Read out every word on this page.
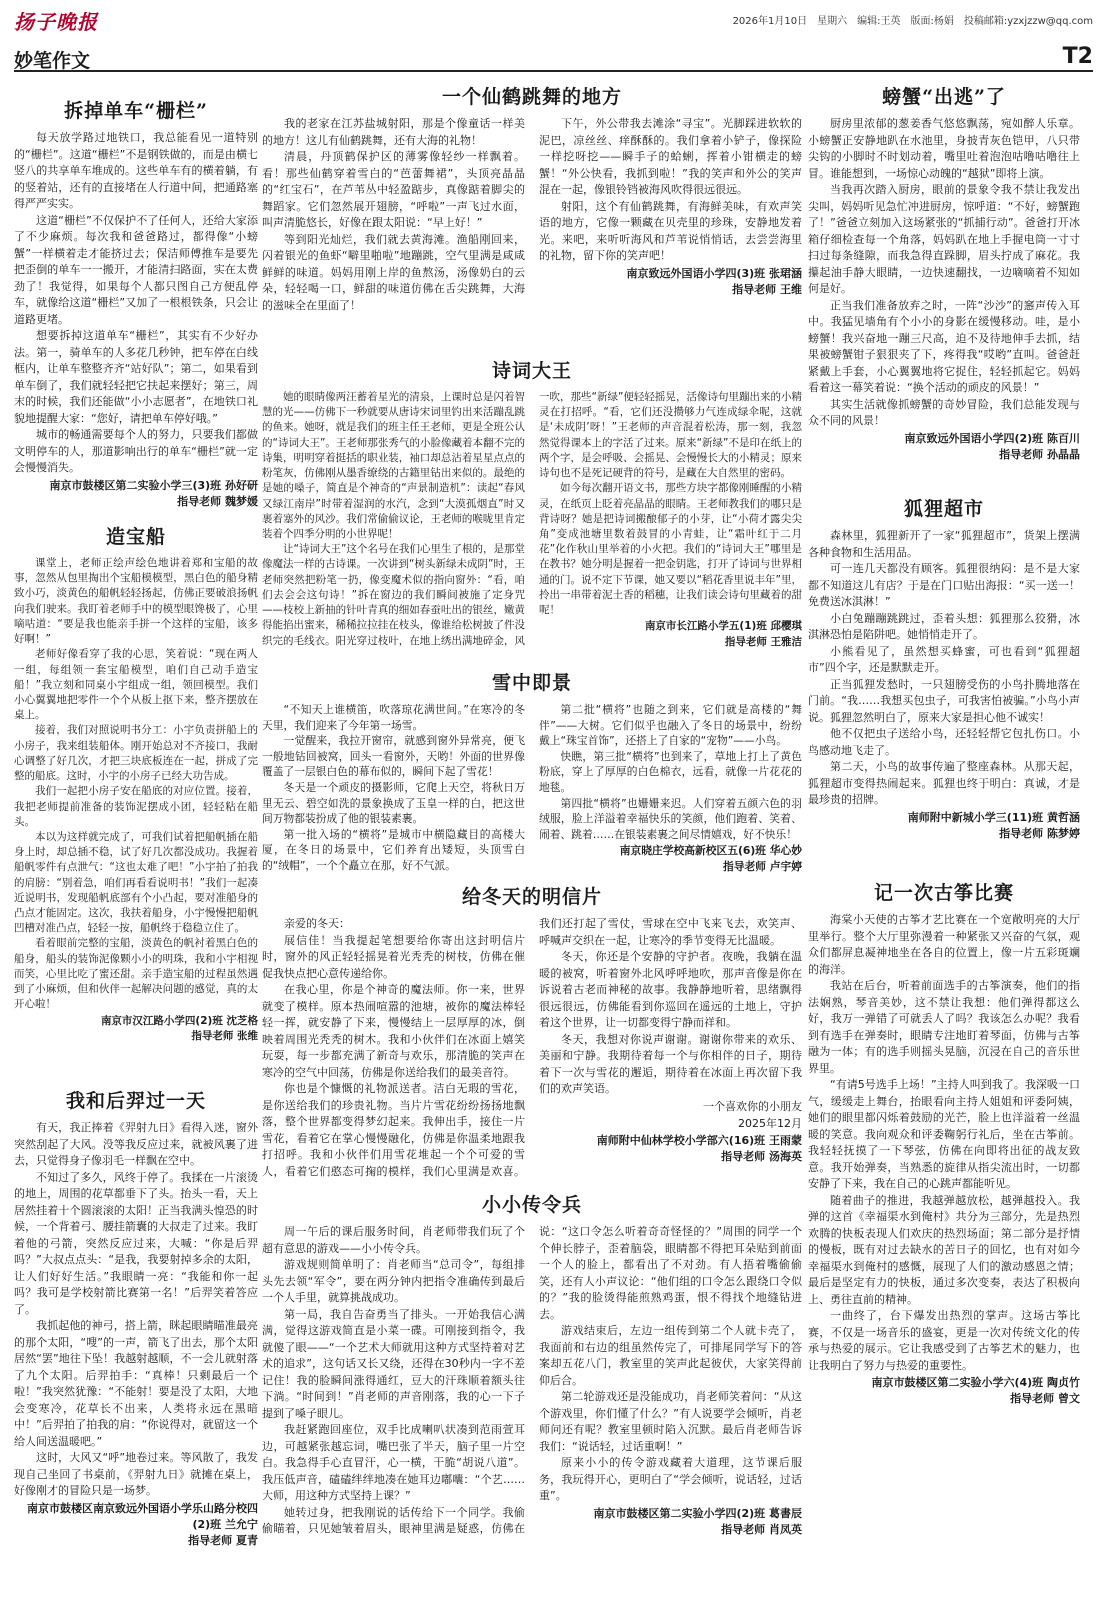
扬子晚报	2026年1月10日 星期六 编辑:王英 版面:杨娟 投稿邮箱:yzxjzzw@qq.com
妙笔作文	T2
拆掉单车“栅栏”

每天放学路过地铁口，我总能看见一道特别的“栅栏”。这道“栅栏”不是钢铁做的，而是由横七竖八的共享单车堆成的。这些单车有的横着躺，有的竖着站，还有的直接堵在人行道中间，把通路塞得严严实实。

这道“栅栏”不仅保护不了任何人，还给大家添了不少麻烦。每次我和爸爸路过，都得像“小螃蟹”一样横着走才能挤过去；保洁师傅推车是要先把歪倒的单车一一搬开，才能清扫路面，实在太费劲了！我觉得，如果每个人都只图自己方便乱停车，就像给这道“栅栏”又加了一根根铁条，只会让道路更堵。

想要拆掉这道单车“栅栏”，其实有不少好办法。第一，骑单车的人多花几秒钟，把车停在白线框内，让单车整整齐齐“站好队”；第二，如果看到单车倒了，我们就轻轻把它扶起来摆好；第三，周末的时候，我们还能做“小小志愿者”，在地铁口礼貌地提醒大家：“您好，请把单车停好哦。”

城市的畅通需要每个人的努力，只要我们都做文明停车的人，那道影响出行的单车“栅栏”就一定会慢慢消失。

南京市鼓楼区第二实验小学三(3)班 孙好研
指导老师 魏梦媛
造宝船

课堂上，老师正绘声绘色地讲着郑和宝船的故事，忽然从包里掏出个宝船模模型，黑白色的船身精致小巧，淡黄色的船帆轻轻扬起，仿佛正要破浪扬帆向我们驶来。我盯着老师手中的模型眼馋极了，心里嘀咕道：“要是我也能亲手拼一个这样的宝船，该多好啊！”

老师好像看穿了我的心思，笑着说：“现在两人一组，每组领一套宝船模型，咱们自己动手造宝船！”我立刻和同桌小宇组成一组，领回模型。我们小心翼翼地把零件一个个从板上抠下来，整齐摆放在桌上。

接着，我们对照说明书分工：小宇负责拼船上的小房子，我来组装船体。刚开始总对不齐接口，我耐心调整了好几次，才把三块底板连在一起，拼成了完整的船底。这时，小宇的小房子已经大功告成。

我们一起把小房子安在船底的对应位置。接着，我把老师提前准备的装饰泥摆成小团，轻轻粘在船头。

本以为这样就完成了，可我们试着把船帆插在船身上时，却总插不稳，试了好几次都没成功。我握着船帆零件有点泄气：“这也太难了吧！”小宇拍了拍我的肩膀：“别着急，咱们再看看说明书！”我们一起凑近说明书，发现船帆底部有个小凸起，要对准船身的凸点才能固定。这次，我扶着船身，小宇慢慢把船帆凹槽对准凸点，轻轻一按，船帆终于稳稳立住了。

看着眼前完整的宝船，淡黄色的帆衬着黑白色的船身，船头的装饰泥像颗小小的明珠，我和小宇相视而笑，心里比吃了蜜还甜。亲手造宝船的过程虽然遇到了小麻烦，但和伙伴一起解决问题的感觉，真的太开心啦！

南京市汉江路小学四(2)班 沈芝格
指导老师 张维
我和后羿过一天

有天，我正捧着《羿射九日》看得入迷，窗外突然刮起了大风。没等我反应过来，就被风裹了进去，只觉得身子像羽毛一样飘在空中。

不知过了多久，风终于停了。我揉在一片滚烫的地上，周围的花草都垂下了头。抬头一看，天上居然挂着十个圆滚滚的太阳！正当我满头惶恐的时候，一个背着弓、腰挂箭囊的大叔走了过来。我盯着他的弓箭，突然反应过来，大喊：“你是后羿吗？”大叔点点头：“是我，我要射掉多余的太阳，让人们好好生活。”我眼睛一亮：“我能和你一起吗？我可是学校射箭比赛第一名！”后羿笑着答应了。

我抓起他的神弓，搭上箭，眯起眼睛瞄准最亮的那个太阳，“嗖”的一声，箭飞了出去，那个太阳居然“罢”地往下坠！我越射越顺，不一会儿就射落了九个太阳。后羿拍手：“真棒！只剩最后一个啦！”我突然犹豫：“不能射！要是没了太阳，大地会变寒冷，花草长不出来，人类将永远在黑暗中！”后羿拍了拍我的肩：“你说得对，就留这一个给人间送温暖吧。”

这时，大风又“呼”地卷过来。等风散了，我发现自己坐回了书桌前，《羿射九日》就摊在桌上，好像刚才的冒险只是一场梦。

南京市鼓楼区南京致远外国语小学乐山路分校四(2)班 兰允宁
指导老师 夏青
一个仙鹤跳舞的地方

我的老家在江苏盐城射阳，那是个像童话一样美的地方！这儿有仙鹤跳舞，还有大海的礼物！

清晨，丹顶鹤保护区的薄雾像轻纱一样飘着。看！那些仙鹤穿着雪白的“芭蕾舞裙”，头顶亮晶晶的“红宝石”，在芦苇丛中轻盈踮步，真像踮着脚尖的舞蹈家。它们忽然展开翅膀，“呼啦”一声飞过水面，叫声清脆悠长，好像在跟太阳说：“早上好！”

等到阳光灿烂，我们就去黄海滩。渔船刚回来，闪着银光的鱼虾“噼里啪啦”地蹦跳，空气里满是咸咸鲜鲜的味道。妈妈用刚上岸的鱼熬汤，汤像奶白的云朵，轻轻喝一口，鲜甜的味道仿佛在舌尖跳舞，大海的滋味全在里面了！

下午，外公带我去滩涂“寻宝”。光脚踩进软软的泥巴，凉丝丝、痒酥酥的。我们拿着小铲子，像探险一样挖呀挖——瞬手子的蛤蜊，挥着小钳横走的螃蟹！“外公快看，我抓到啦！”我的笑声和外公的笑声混在一起，像银铃铛被海风吹得很远很远。

射阳，这个有仙鹤跳舞，有海鲜美味，有欢声笑语的地方，它像一颗藏在贝壳里的珍珠，安静地发着光。来吧，来听听海风和芦苇说悄悄话，去尝尝海里的礼物，留下你的笑声吧！

南京致远外国语小学四(3)班 张珺涵
指导老师 王维
诗词大王

她的眼睛像两汪蓄着星光的清泉，上课时总是闪着智慧的光——仿佛下一秒就要从唐诗宋词里钓出来活蹦乱跳的鱼来。她呀，就是我们的班主任王老师，更是全班公认的“诗词大王”。王老师那张秀气的小脸像藏着本翻不完的诗集，明明穿着挺括的职业装，袖口却总沾着星星点点的粉笔灰，仿佛刚从墨香缭绕的古籍里钻出来似的。最绝的是她的嗓子，简直是个神奇的“声景制造机”：读起“春风又绿江南岸”时带着湿润的水汽，念到“大漠孤烟直”时又裹着塞外的风沙。我们常偷偷议论，王老师的喉咙里肯定装着个四季分明的小世界呢！

让“诗词大王”这个名号在我们心里生了根的，是那堂像魔法一样的古诗课。一次讲到“树头新绿未成阴”时，王老师突然把粉笔一扔，像变魔术似的指向窗外：“看，咱们去会会这句诗！”拆在窗边的我们瞬间被施了定身咒——枝校上新抽的针叶青真的细如春蚕吐出的银丝，嫩黄得能掐出蜜来，稀稀拉拉挂在枝头，像谁给松树披了件没织完的毛线衣。阳光穿过枝叶，在地上绣出满地碎金，风一吹，那些“新绿”便轻轻摇晃，活像诗句里蹦出来的小精灵在打招呼。“看，它们还没攒够力气连成绿伞呢，这就是‘未成阴’呀！”王老师的声音混着松涛，那一刻，我忽然觉得课本上的字活了过来。原来“新绿”不是印在纸上的两个字，是会呼吸、会摇晃、会慢慢长大的小精灵；原来诗句也不是死记硬背的符号，是藏在大自然里的密码。

如今每次翻开语文书，那些方块字都像刚睡醒的小精灵，在纸页上眨着亮晶晶的眼睛。王老师教我们的哪只是背诗呀？她是把诗词搬酿郁子的小芽，让“小荷才露尖尖角”变成池塘里数着鼓冒的小青蛙，让“霜叶红于二月花”化作秋山里举着的小火把。我们的“诗词大王”哪里是在教书？她分明是握着一把金钥匙，打开了诗词与世界相通的门。说不定下节课，她又要以“稻花香里说丰年”里，拎出一串带着泥土香的稻穗，让我们读会诗句里藏着的甜呢！

南京市长江路小学五(1)班 邱樱琪
指导老师 王雅洁
雪中即景

“不知天上谁横笛，吹落琼花满世间。”在寒冷的冬天里，我们迎来了今年第一场雪。

一觉醒来，我拉开窗帘，就感到窗外异常亮，便飞一般地钻回被窝，回头一看窗外，天哟！外面的世界像覆盖了一层银白色的幕布似的，瞬间下起了雪花！

冬天是一个顽皮的摄影师，它爬上天空，将秋日万里无云、碧空如洗的景象换成了玉皇一样的白，把这世间万物都装扮成了他的银装素裹。

第一批入场的“横将”是城市中横隐藏目的高楼大厦，在冬日的场景中，它们养育出矮短，头顶雪白的“绒帽”，一个个矗立在那，好不气派。

第二批“横将”也随之到来，它们就是高楼的“舞伴”——大树。它们似乎也融入了冬日的场景中，纷纷戴上“珠宝首饰”，还搭上了自家的“宠物”——小鸟。

快瞧，第三批“横将”也到来了，草地上打上了黄色粉底，穿上了厚厚的白色棉衣，远看，就像一片花花的地毯。

第四批“横将”也姗姗来迟。人们穿着五颜六色的羽绒服，脸上洋溢着幸福快乐的笑颜，他们跑着、笑着、闹着、跳着……在银装素裹之间尽情嬉戏，好不快乐！

南京晓庄学校高新校区五(6)班 华心妙
指导老师 卢宇婷
给冬天的明信片

亲爱的冬天：

展信佳！当我提起笔想要给你寄出这封明信片时，窗外的风正轻轻摇晃着光秃秃的树枝，仿佛在催促我快点把心意传递给你。

在我心里，你是个神奇的魔法师。你一来，世界就变了模样。原本热闹喧嚣的池塘，被你的魔法棒轻轻一挥，就安静了下来，慢慢结上一层厚厚的冰，倒映着周围光秃秃的树木。我和小伙伴们在冰面上嬉笑玩耍，每一步都充满了新奇与欢乐，那清脆的笑声在寒冷的空气中回荡，仿佛是你送给我们的最美音符。

你也是个慷慨的礼物派送者。洁白无瑕的雪花，是你送给我们的珍贵礼物。当片片雪花纷纷扬扬地飘落，整个世界都变得梦幻起来。我伸出手，接住一片雪花，看着它在掌心慢慢融化，仿佛是你温柔地跟我打招呼。我和小伙伴们用雪花堆起一个个可爱的雪人，看着它们憨态可掬的模样，我们心里满是欢喜。我们还打起了雪仗，雪球在空中飞来飞去，欢笑声、呼喊声交织在一起，让寒冷的季节变得无比温暖。

冬天，你还是个安静的守护者。夜晚，我躺在温暖的被窝，听着窗外北风呼呼地吹，那声音像是你在诉说着古老而神秘的故事。我静静地听着，思绪飘得很远很远，仿佛能看到你巡回在遥远的土地上，守护着这个世界，让一切都变得宁静而祥和。

冬天，我想对你说声谢谢。谢谢你带来的欢乐、美丽和宁静。我期待着每一个与你相伴的日子，期待着下一次与雪花的邂逅，期待着在冰面上再次留下我们的欢声笑语。

一个喜欢你的小朋友
2025年12月
南师附中仙林学校小学部六(16)班 王雨蒙
指导老师 汤海英
小小传令兵

周一午后的课后服务时间，肖老师带我们玩了个超有意思的游戏——小小传令兵。

游戏规则简单明了：肖老师当“总司令”，每组排头先去领“军令”，要在两分钟内把指令准确传到最后一个人手里，就算挑战成功。

第一局，我自告奋勇当了排头。一开始我信心满满，觉得这游戏简直是小菜一碟。可刚接到指令，我就傻了眼——“一个艺术大师就用这种方式坚持着对艺术的追求”，这句话又长又绕，还得在30秒内一字不差记住！我的脸瞬间涨得通红，豆大的汗珠顺着额头往下淌。“时间到！”肖老师的声音刚落，我的心一下子提到了嗓子眼儿。

我赶紧跑回座位，双手比成喇叭状凑到范雨萱耳边，可越紧张越忘词，嘴巴张了半天，脑子里一片空白。我急得手心直冒汗，心一横，干脆“胡说八道”。我压低声音，磕磕绊绊地凑在她耳边嘟囔：“个艺……大师，用这种方式坚持上课？”

她转过身，把我刚说的话传给下一个同学。我偷偷瞄着，只见她皱着眉头，眼神里满是疑惑，仿佛在说：“这口令怎么听着奇奇怪怪的？”周围的同学一个个伸长脖子，歪着脑袋，眼睛都不得把耳朵贴到前面一个人的脸上，都看出了不对劲。有人捂着嘴偷偷笑，还有人小声议论：“他们组的口令怎么跟绕口令似的？”我的脸烫得能煎熟鸡蛋，恨不得找个地缝钻进去。

游戏结束后，左边一组传到第二个人就卡壳了，我面前和右边的组虽然传完了，可排尾同学写下的答案却五花八门，教室里的笑声此起彼伏，大家笑得前仰后合。

第二轮游戏还是没能成功，肖老师笑着问：“从这个游戏里，你们懂了什么？”有人说要学会倾听，肖老师问还有呢？教室里顿时陷入沉默。最后肖老师告诉我们：“说话轻，过话重啊！”

原来小小的传令游戏藏着大道理，这节课后服务，我玩得开心，更明白了“学会倾听，说话轻，过话重”。

南京市鼓楼区第二实验小学四(2)班 葛書辰
指导老师 肖凤英
螃蟹“出逃”了

厨房里浓郁的葱姜香气悠悠飘荡，宛如醉人乐章。小螃蟹正安静地趴在水池里，身披青灰色铠甲，八只带尖钩的小脚时不时划动着，嘴里吐着泡泡咕噜咕噜往上冒。谁能想到，一场惊心动魄的“越狱”即将上演。

当我再次踏入厨房，眼前的景象令我不禁让我发出尖叫，妈妈听见急忙冲进厨房，惊呼道：“不好，螃蟹跑了！”爸爸立刻加入这场紧张的“抓捕行动”。爸爸打开冰箱仔细检查每一个角落，妈妈趴在地上手握电筒一寸寸扫过每条缝隙，而我急得直跺脚，眉头拧成了麻花。我攥起油手静大眼睛，一边快速翻找，一边嘀嘀着不知如何是好。

正当我们准备放弃之时，一阵“沙沙”的窸声传入耳中。我猛见墙角有个小小的身影在缓慢移动。哇，是小螃蟹！我兴奋地一蹦三尺高，迫不及待地伸手去抓，结果被螃蟹钳子狠狠夹了下，疼得我“哎哟”直叫。爸爸赶紧戴上手套，小心翼翼地将它捉住，轻轻抓起它。妈妈看着这一幕笑着说：“换个活动的顽皮的风景！”

其实生活就像抓螃蟹的奇妙冒险，我们总能发现与众不同的风景！

南京致远外国语小学四(2)班 陈百川
指导老师 孙晶晶
狐狸超市

森林里，狐狸新开了一家“狐狸超市”，货架上摆满各种食物和生活用品。

可一连几天都没有顾客。狐狸很纳闷：是不是大家都不知道这儿有店？于是在门口贴出海报：“买一送一！免费送冰淇淋！”

小白兔蹦蹦跳跳过，歪着头想：狐狸那么狡猾，冰淇淋恐怕是陷阱吧。她悄悄走开了。

小熊看见了，虽然想买蜂蜜，可也看到“狐狸超市”四个字，还是默默走开。

正当狐狸发愁时，一只翅膀受伤的小鸟扑腾地落在门前。“我……我想买包虫子，可我害怕被骗。”小鸟小声说。狐狸忽然明白了，原来大家是担心他不诚实！

他不仅把虫子送给小鸟，还轻轻帮它包扎伤口。小鸟感动地飞走了。

第二天，小鸟的故事传遍了整座森林。从那天起，狐狸超市变得热闹起来。狐狸也终于明白：真诚，才是最珍贵的招牌。

南师附中新城小学三(11)班 黄哲涵
指导老师 陈梦婷
记一次古筝比赛

海棠小天使的古筝才艺比赛在一个宽敞明亮的大厅里举行。整个大厅里弥漫着一种紧张又兴奋的气氛，观众们都屏息凝神地坐在各自的位置上，像一片五彩斑斓的海洋。

我站在后台，听着前面选手的古筝演奏，他们的指法娴熟，琴音美妙，这不禁让我想：他们弹得都这么好，我万一弹错了可就丢人了吗？我该怎么办呢？我看到有选手在弹奏时，眼睛专注地盯着琴面，仿佛与古筝融为一体；有的选手则摇头晃脑，沉浸在自己的音乐世界里。

“有请5号选手上场！”主持人叫到我了。我深吸一口气，缓缓走上舞台，抬眼看向主持人姐姐和评委阿姨，她们的眼里都闪烁着鼓励的光芒，脸上也洋溢着一丝温暖的笑意。我向观众和评委鞠躬行礼后，坐在古筝前。我轻轻抚摸了一下琴弦，仿佛在向即将出征的战友致意。我开始弹奏，当熟悉的旋律从指尖流出时，一切都安静了下来，我在自己的心跳声都能听见。

随着曲子的推进，我越弹越放松，越弹越投入。我弹的这首《幸福渠水到俺村》共分为三部分，先是热烈欢腾的快板表现人们欢庆的热烈场面；第二部分是抒情的慢板，既有对过去缺水的苦日子的回忆，也有对如今幸福渠水到俺村的感慨，展现了人们的激动感恩之情；最后是坚定有力的快板，通过多次变奏，表达了积极向上、勇往直前的精神。

一曲终了，台下爆发出热烈的掌声。这场古筝比赛，不仅是一场音乐的盛宴，更是一次对传统文化的传承与热爱的展示。它让我感受到了古筝艺术的魅力，也让我明白了努力与热爱的重要性。

南京市鼓楼区第二实验小学六(4)班 陶贞竹
指导老师 曾文
